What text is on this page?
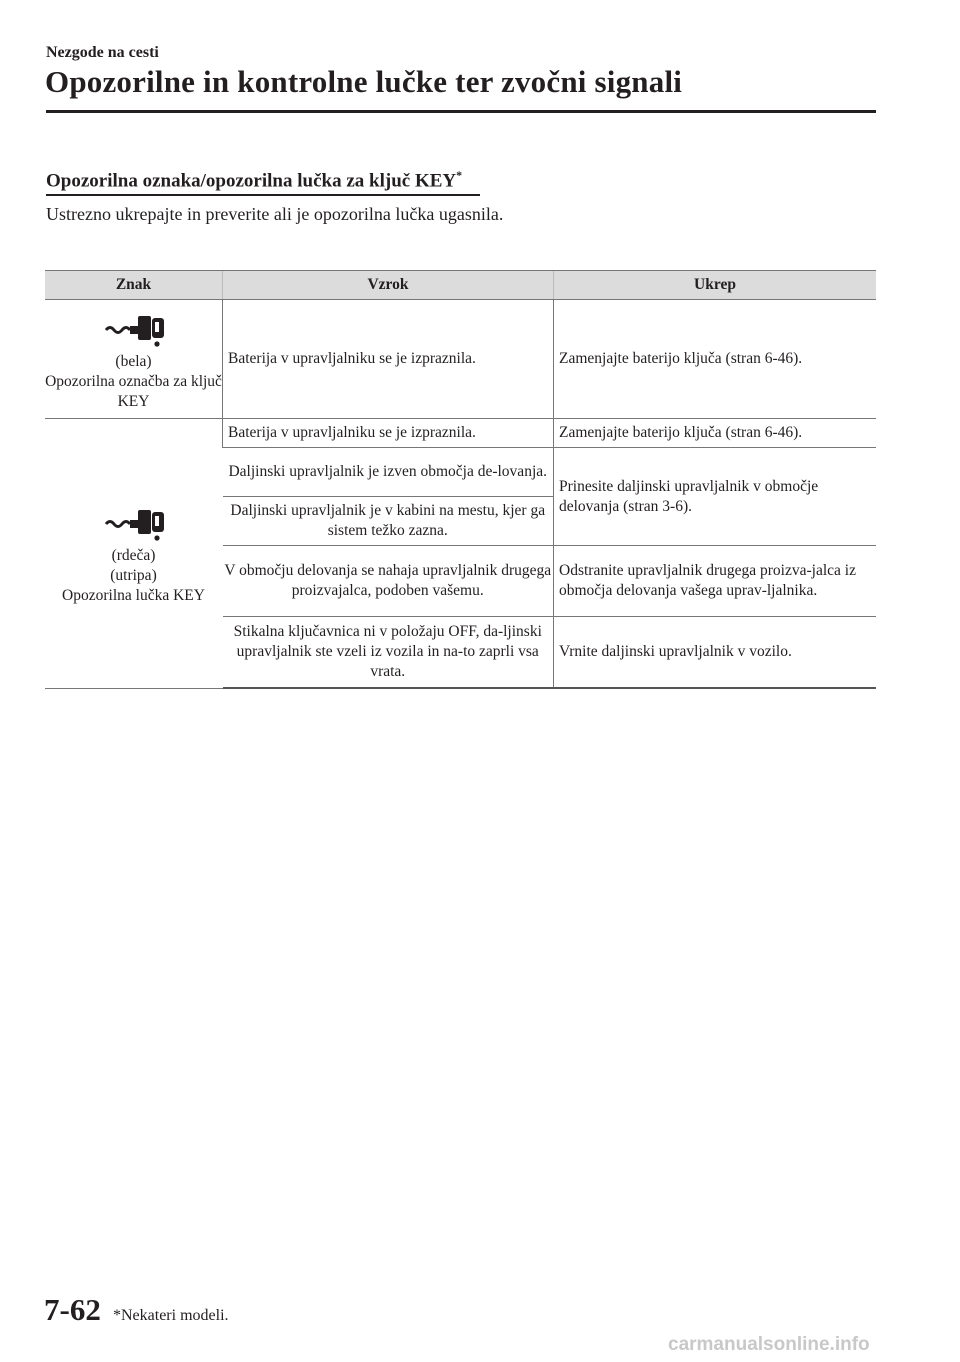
Nezgode na cesti
Opozorilne in kontrolne lučke ter zvočni signali
Opozorilna oznaka/opozorilna lučka za ključ KEY*
Ustrezno ukrepajte in preverite ali je opozorilna lučka ugasnila.
Znak	Vzrok	Ukrep

(bela)
Opozorilna označba za ključ KEY	Baterija v upravljalniku se je izpraznila.	Zamenjajte baterijo ključa (stran 6-46).

(rdeča)
(utripa)
Opozorilna lučka KEY	Baterija v upravljalniku se je izpraznila.	Zamenjajte baterijo ključa (stran 6-46).
	Daljinski upravljalnik je izven območja de-lovanja.	Prinesite daljinski upravljalnik v območje delovanja (stran 3-6).
	Daljinski upravljalnik je v kabini na mestu, kjer ga sistem težko zazna.	
	V območju delovanja se nahaja upravljalnik drugega proizvajalca, podoben vašemu.	Odstranite upravljalnik drugega proizva-jalca iz območja delovanja vašega uprav-ljalnika.
	Stikalna ključavnica ni v položaju OFF, da-ljinski upravljalnik ste vzeli iz vozila in na-to zaprli vsa vrata.	Vrnite daljinski upravljalnik v vozilo.
7-62 *Nekateri modeli.
carmanualsonline.info
